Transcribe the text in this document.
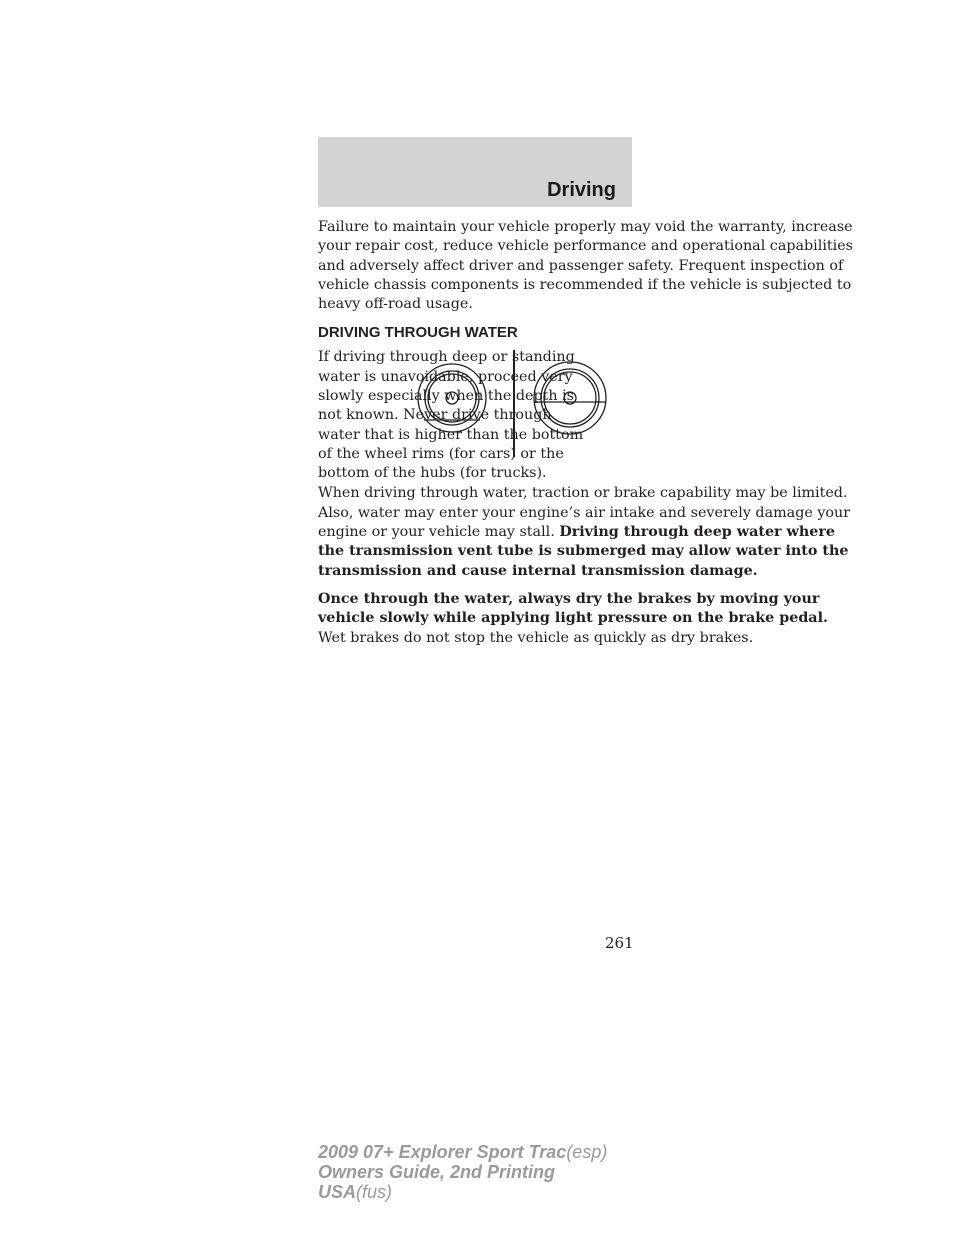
Driving

Failure to maintain your vehicle properly may void the warranty, increase
your repair cost, reduce vehicle performance and operational capabilities
and adversely affect driver and passenger safety. Frequent inspection of
vehicle chassis components is recommended if the vehicle is subjected to
heavy off-road usage.

DRIVING THROUGH WATER

If driving through deep or standing
water is unavoidable, proceed very
slowly especially when the depth is
not known. Never drive through
water that is higher than the bottom
of the wheel rims (for cars) or the
bottom of the hubs (for trucks).

When driving through water, traction or brake capability may be limited.
Also, water may enter your engine’s air intake and severely damage your
engine or your vehicle may stall. Driving through deep water where
the transmission vent tube is submerged may allow water into the
transmission and cause internal transmission damage.

Once through the water, always dry the brakes by moving your
vehicle slowly while applying light pressure on the brake pedal.
Wet brakes do not stop the vehicle as quickly as dry brakes.

261

2009 07+ Explorer Sport Trac(esp)
Owners Guide, 2nd Printing
USA(fus)
